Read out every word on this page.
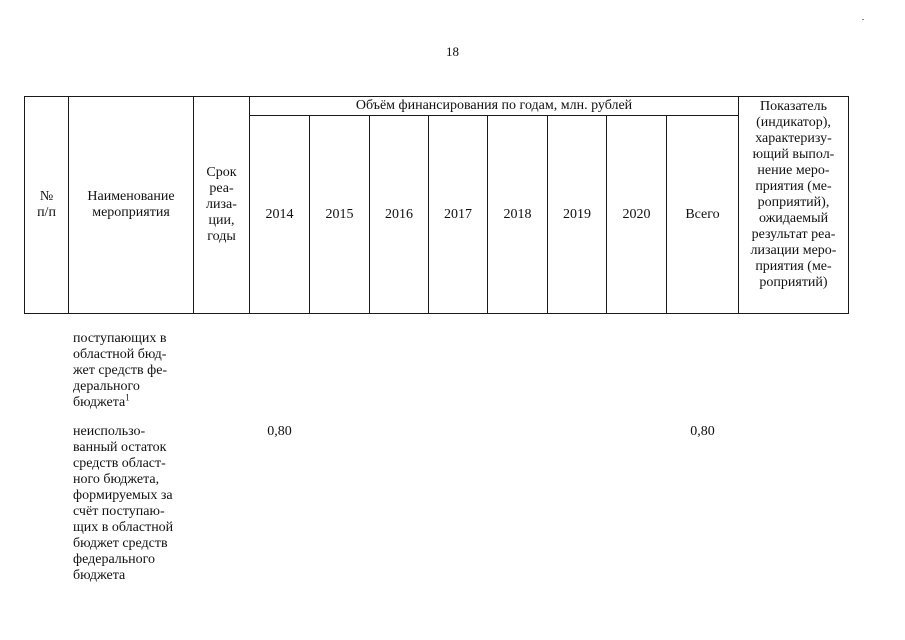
18
№
п/п
Наименование
мероприятия
Срок
реа-
лиза-
ции,
годы
Объём финансирования по годам, млн. рублей
2014 2015 2016 2017 2018 2019 2020 Всего
Показатель
(индикатор),
характеризу-
ющий выпол-
нение меро-
приятия (ме-
роприятий),
ожидаемый
результат реа-
лизации меро-
приятия (ме-
роприятий)

поступающих в
областной бюд-
жет средств фе-
дерального
бюджета$^1$

неиспользо-
ванный остаток
средств област-
ного бюджета,
формируемых за
счёт поступаю-
щих в областной
бюджет средств
федерального
бюджета

0,80	0,80
